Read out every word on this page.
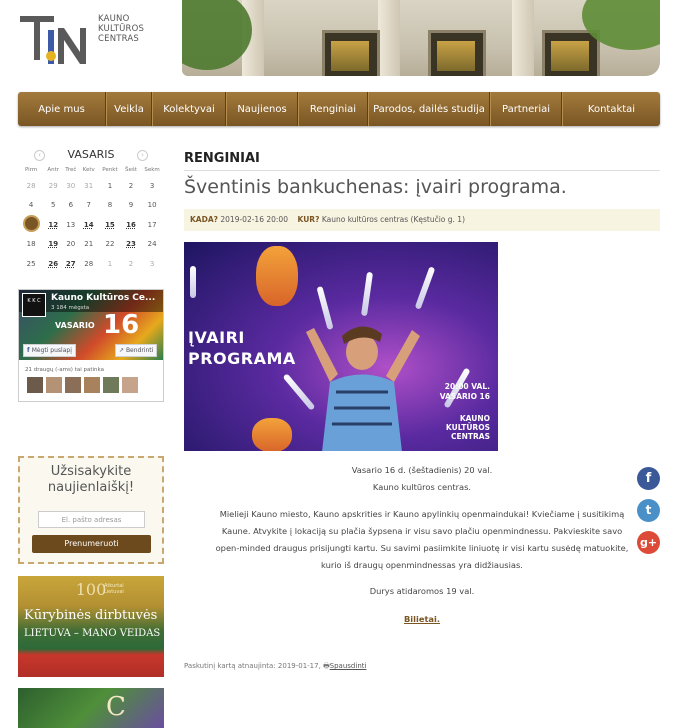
KAUNO
KULTŪROS
CENTRAS
Apie mus	Veikla	Kolektyvai	Naujienos	Renginiai	Parodos, dailės studija	Partneriai	Kontaktai
‹	VASARIS	›
Pirm	Antr	Treč	Ketv	Penkt	Šešt	Sekm
28	29	30	31	1	2	3
4	5	6	7	8	9	10
	12	13	14	15	16	17
18	19	20	21	22	23	24
25	26	27	28	1	2	3
K K C	Kauno Kultūros Ce...
3 184 mėgsta
VASARIO 16
f Mėgti puslapį	↗ Bendrinti
21 draugų (-ams) tai patinka
Užsisakykite naujienlaiškį!
El. pašto adresas
Prenumeruoti
100
Atkurtai Lietuvai
Kūrybinės dirbtuvės
LIETUVA – MANO VEIDAS
C
RENGINIAI
Šventinis bankuchenas: įvairi programa.
KADA? 2019-02-16 20:00 KUR? Kauno kultūros centras (Kęstučio g. 1)
ĮVAIRI
PROGRAMA
20:00 VAL.
VASARIO 16
KAUNO
KULTŪROS
CENTRAS
Vasario 16 d. (šeštadienis) 20 val.
Kauno kultūros centras.
Mielieji Kauno miesto, Kauno apskrities ir Kauno apylinkių openmaindukai! Kviečiame į susitikimą
Kaune. Atvykite į lokaciją su plačia šypsena ir visu savo plačiu openmindnessu. Pakvieskite savo
open-minded draugus prisijungti kartu. Su savimi pasiimkite liniuotę ir visi kartu susėdę matuokite,
kurio iš draugų openmindnessas yra didžiausias.
Durys atidaromos 19 val.
Bilietai.
Paskutinį kartą atnaujinta: 2019-01-17, 🖶Spausdinti
f
t
g+
